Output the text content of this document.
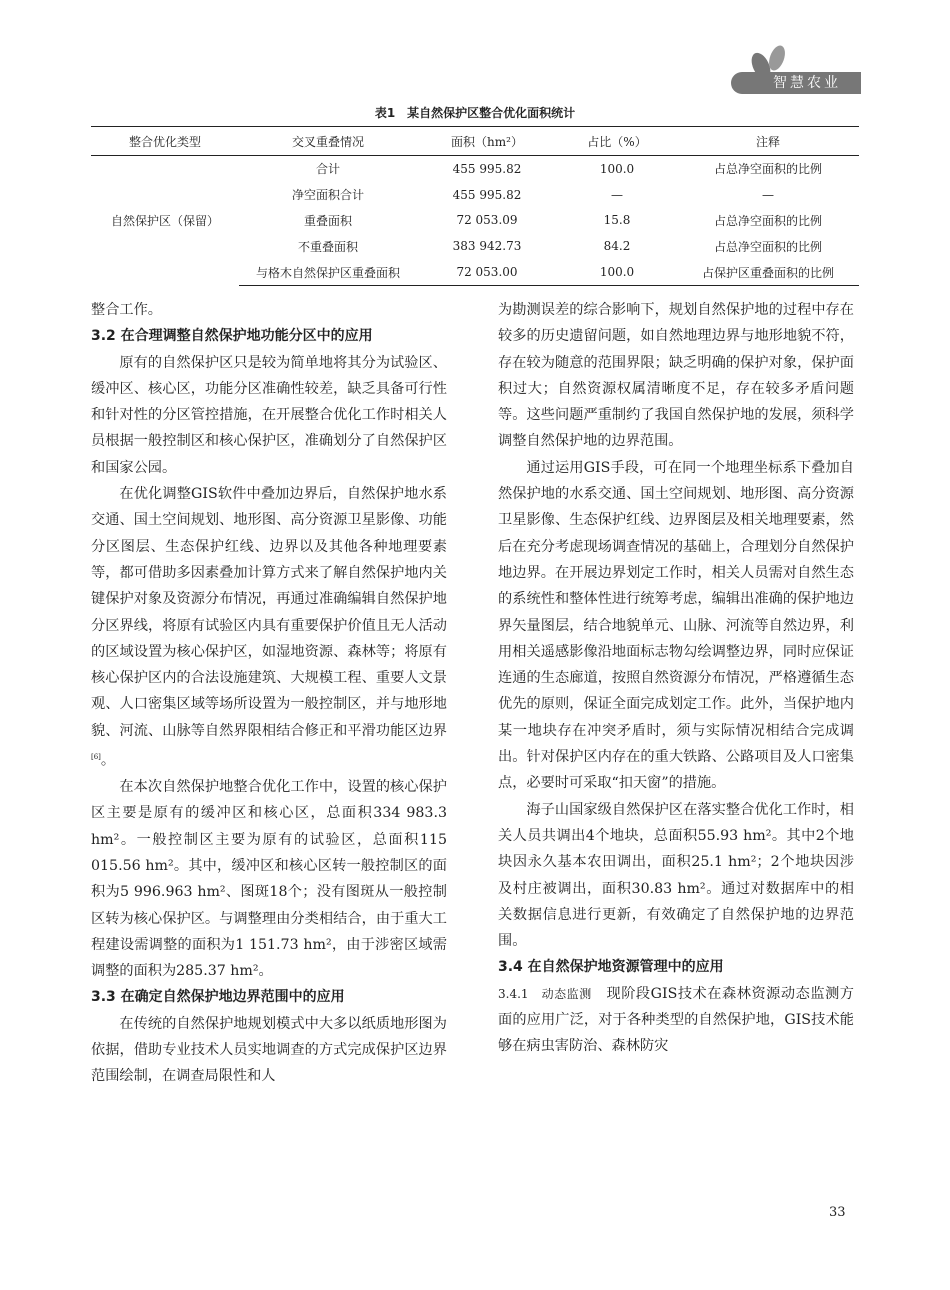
智慧农业
表1　某自然保护区整合优化面积统计
整合优化类型	交叉重叠情况	面积（hm²）	占比（%）	注释
自然保护区（保留）	合计	455 995.82	100.0	占总净空面积的比例
	净空面积合计	455 995.82	—	—
	重叠面积	72 053.09	15.8	占总净空面积的比例
	不重叠面积	383 942.73	84.2	占总净空面积的比例
	与格木自然保护区重叠面积	72 053.00	100.0	占保护区重叠面积的比例

整合工作。

3.2 在合理调整自然保护地功能分区中的应用

原有的自然保护区只是较为简单地将其分为试验区、缓冲区、核心区，功能分区准确性较差，缺乏具备可行性和针对性的分区管控措施，在开展整合优化工作时相关人员根据一般控制区和核心保护区，准确划分了自然保护区和国家公园。

在优化调整GIS软件中叠加边界后，自然保护地水系交通、国土空间规划、地形图、高分资源卫星影像、功能分区图层、生态保护红线、边界以及其他各种地理要素等，都可借助多因素叠加计算方式来了解自然保护地内关键保护对象及资源分布情况，再通过准确编辑自然保护地分区界线，将原有试验区内具有重要保护价值且无人活动的区域设置为核心保护区，如湿地资源、森林等；将原有核心保护区内的合法设施建筑、大规模工程、重要人文景观、人口密集区域等场所设置为一般控制区，并与地形地貌、河流、山脉等自然界限相结合修正和平滑功能区边界[6]。

在本次自然保护地整合优化工作中，设置的核心保护区主要是原有的缓冲区和核心区，总面积334 983.3 hm²。一般控制区主要为原有的试验区，总面积115 015.56 hm²。其中，缓冲区和核心区转一般控制区的面积为5 996.963 hm²、图斑18个；没有图斑从一般控制区转为核心保护区。与调整理由分类相结合，由于重大工程建设需调整的面积为1 151.73 hm²，由于涉密区域需调整的面积为285.37 hm²。

3.3 在确定自然保护地边界范围中的应用

在传统的自然保护地规划模式中大多以纸质地形图为依据，借助专业技术人员实地调查的方式完成保护区边界范围绘制，在调查局限性和人

为勘测误差的综合影响下，规划自然保护地的过程中存在较多的历史遗留问题，如自然地理边界与地形地貌不符，存在较为随意的范围界限；缺乏明确的保护对象，保护面积过大；自然资源权属清晰度不足，存在较多矛盾问题等。这些问题严重制约了我国自然保护地的发展，须科学调整自然保护地的边界范围。

通过运用GIS手段，可在同一个地理坐标系下叠加自然保护地的水系交通、国土空间规划、地形图、高分资源卫星影像、生态保护红线、边界图层及相关地理要素，然后在充分考虑现场调查情况的基础上，合理划分自然保护地边界。在开展边界划定工作时，相关人员需对自然生态的系统性和整体性进行统筹考虑，编辑出准确的保护地边界矢量图层，结合地貌单元、山脉、河流等自然边界，利用相关遥感影像沿地面标志物勾绘调整边界，同时应保证连通的生态廊道，按照自然资源分布情况，严格遵循生态优先的原则，保证全面完成划定工作。此外，当保护地内某一地块存在冲突矛盾时，须与实际情况相结合完成调出。针对保护区内存在的重大铁路、公路项目及人口密集点，必要时可采取“扣天窗”的措施。

海子山国家级自然保护区在落实整合优化工作时，相关人员共调出4个地块，总面积55.93 hm²。其中2个地块因永久基本农田调出，面积25.1 hm²；2个地块因涉及村庄被调出，面积30.83 hm²。通过对数据库中的相关数据信息进行更新，有效确定了自然保护地的边界范围。

3.4 在自然保护地资源管理中的应用

3.4.1　动态监测　现阶段GIS技术在森林资源动态监测方面的应用广泛，对于各种类型的自然保护地，GIS技术能够在病虫害防治、森林防灾

33
